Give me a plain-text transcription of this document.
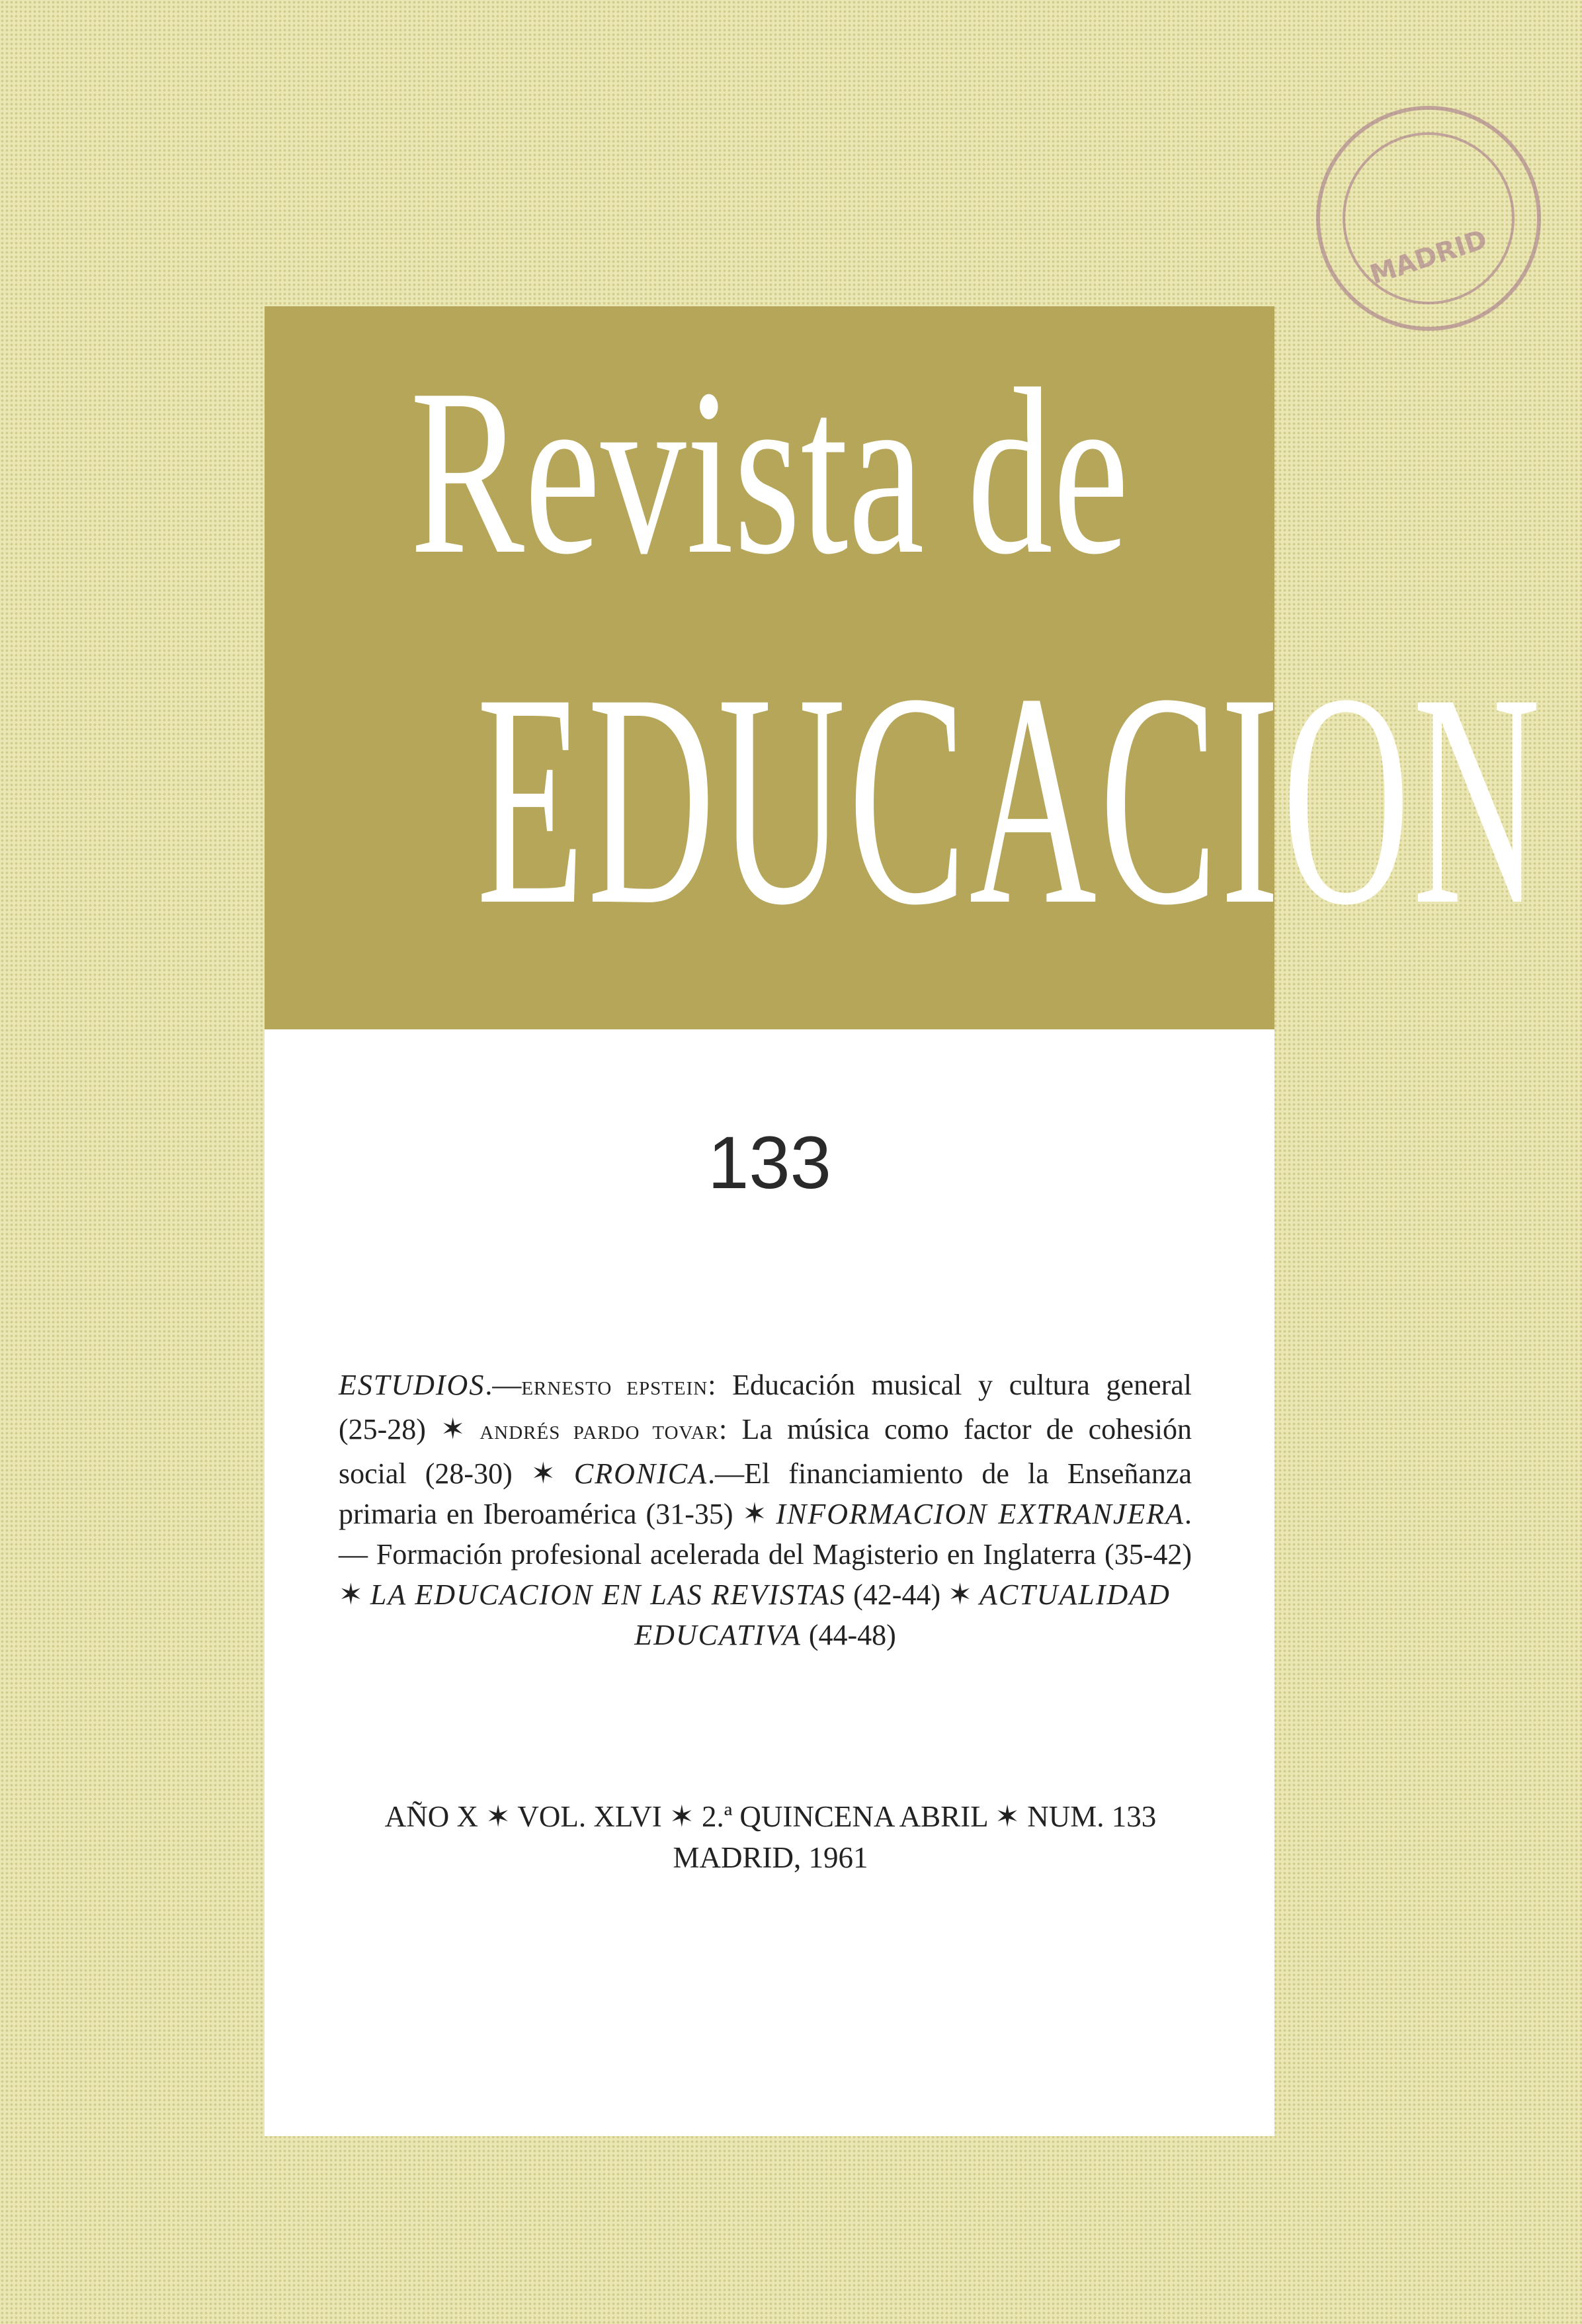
MADRID
Revista de
EDUCACION
133
ESTUDIOS.—ERNESTO EPSTEIN: Educación musical y cultura general (25-28) ✶ ANDRÉS PARDO TOVAR: La música como factor de cohesión social (28-30) ✶ CRONICA.—El financiamiento de la Enseñanza primaria en Iberoamérica (31-35) ✶ INFORMACION EXTRANJERA.— Formación profesional acelerada del Magisterio en Inglaterra (35-42) ✶ LA EDUCACION EN LAS REVISTAS (42-44) ✶ ACTUALIDAD
EDUCATIVA (44-48)
AÑO X ✶ VOL. XLVI ✶ 2.ª QUINCENA ABRIL ✶ NUM. 133
MADRID, 1961
